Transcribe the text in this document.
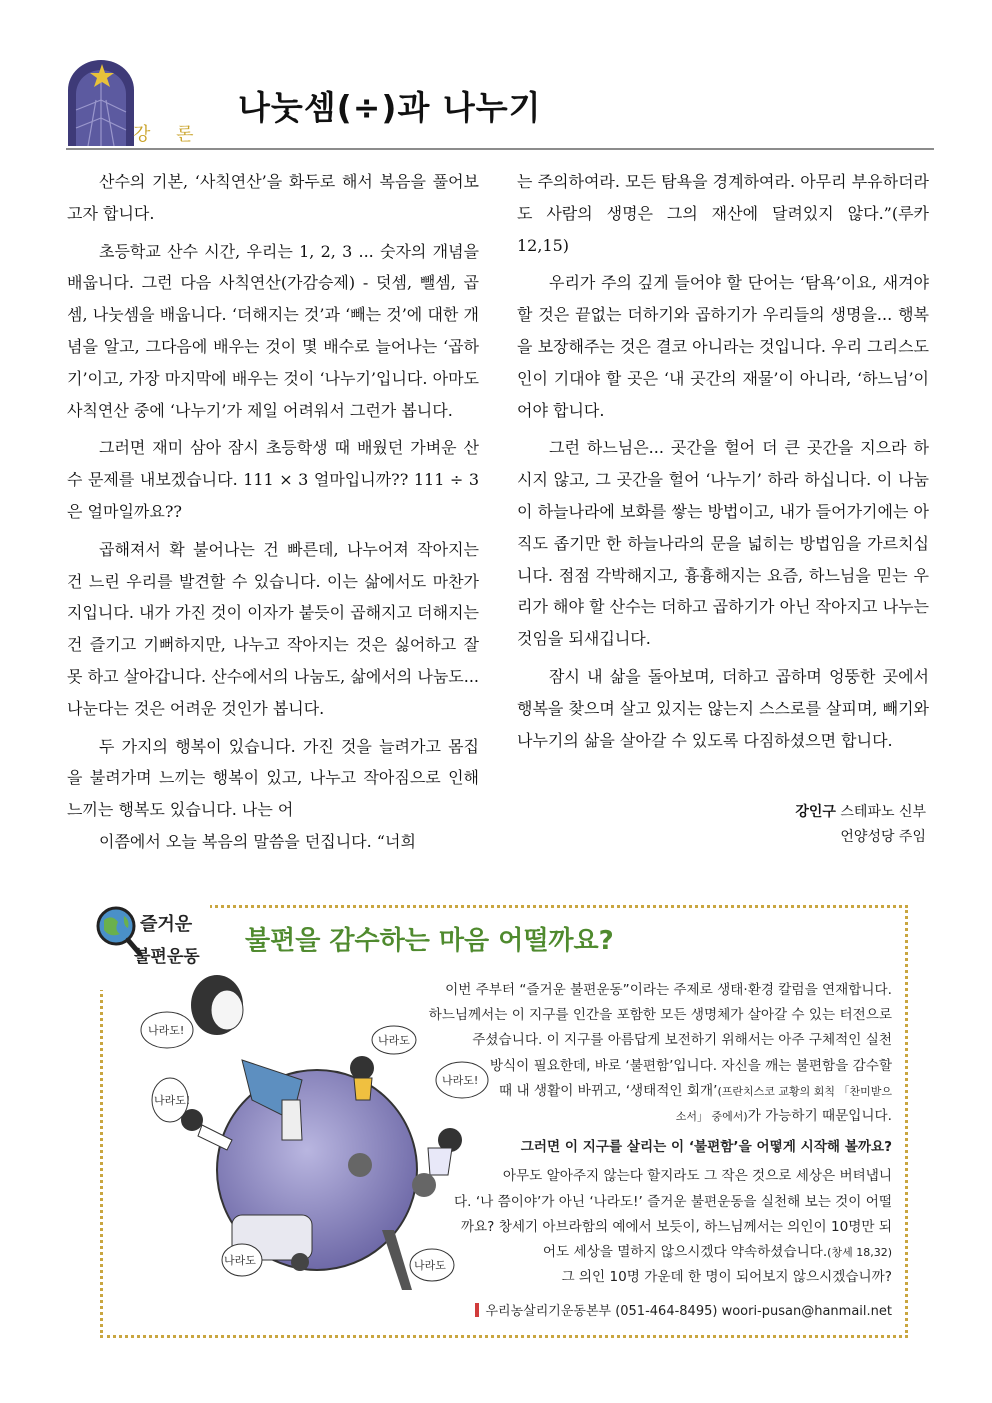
강 론
나눗셈(÷)과 나누기

산수의 기본, ‘사칙연산’을 화두로 해서 복음을 풀어보고자 합니다.

초등학교 산수 시간, 우리는 1, 2, 3 ... 숫자의 개념을 배웁니다. 그런 다음 사칙연산(가감승제) - 덧셈, 뺄셈, 곱셈, 나눗셈을 배웁니다. ‘더해지는 것’과 ‘빼는 것’에 대한 개념을 알고, 그다음에 배우는 것이 몇 배수로 늘어나는 ‘곱하기’이고, 가장 마지막에 배우는 것이 ‘나누기’입니다. 아마도 사칙연산 중에 ‘나누기’가 제일 어려워서 그런가 봅니다.

그러면 재미 삼아 잠시 초등학생 때 배웠던 가벼운 산수 문제를 내보겠습니다. 111 × 3 얼마입니까?? 111 ÷ 3 은 얼마일까요??

곱해져서 확 불어나는 건 빠른데, 나누어져 작아지는 건 느린 우리를 발견할 수 있습니다. 이는 삶에서도 마찬가지입니다. 내가 가진 것이 이자가 붙듯이 곱해지고 더해지는 건 즐기고 기뻐하지만, 나누고 작아지는 것은 싫어하고 잘 못 하고 살아갑니다. 산수에서의 나눔도, 삶에서의 나눔도... 나눈다는 것은 어려운 것인가 봅니다.

두 가지의 행복이 있습니다. 가진 것을 늘려가고 몸집을 불려가며 느끼는 행복이 있고, 나누고 작아짐으로 인해 느끼는 행복도 있습니다. 나는 어

이쯤에서 오늘 복음의 말씀을 던집니다. “너희

는 주의하여라. 모든 탐욕을 경계하여라. 아무리 부유하더라도 사람의 생명은 그의 재산에 달려있지 않다.”(루카 12,15)

우리가 주의 깊게 들어야 할 단어는 ‘탐욕’이요, 새겨야 할 것은 끝없는 더하기와 곱하기가 우리들의 생명을... 행복을 보장해주는 것은 결코 아니라는 것입니다. 우리 그리스도인이 기대야 할 곳은 ‘내 곳간의 재물’이 아니라, ‘하느님’이어야 합니다.

그런 하느님은... 곳간을 헐어 더 큰 곳간을 지으라 하시지 않고, 그 곳간을 헐어 ‘나누기’ 하라 하십니다. 이 나눔이 하늘나라에 보화를 쌓는 방법이고, 내가 들어가기에는 아직도 좁기만 한 하늘나라의 문을 넓히는 방법임을 가르치십니다. 점점 각박해지고, 흉흉해지는 요즘, 하느님을 믿는 우리가 해야 할 산수는 더하고 곱하기가 아닌 작아지고 나누는 것임을 되새깁니다.

잠시 내 삶을 돌아보며, 더하고 곱하며 엉뚱한 곳에서 행복을 찾으며 살고 있지는 않는지 스스로를 살피며, 빼기와 나누기의 삶을 살아갈 수 있도록 다짐하셨으면 합니다.

강인구 스테파노 신부
언양성당 주임
즐거운
불편운동
불편을 감수하는 마음 어떨까요?
나라도!
나라도
나라도!
나라도!
나라도	나라도
이번 주부터 “즐거운 불편운동”이라는 주제로 생태·환경 칼럼을 연재합니다.
하느님께서는 이 지구를 인간을 포함한 모든 생명체가 살아갈 수 있는 터전으로
주셨습니다. 이 지구를 아름답게 보전하기 위해서는 아주 구체적인 실천
방식이 필요한데, 바로 ‘불편함’입니다. 자신을 깨는 불편함을 감수할
때 내 생활이 바뀌고, ‘생태적인 회개’(프란치스코 교황의 회칙 「찬미받으
소서」 중에서)가 가능하기 때문입니다.
그러면 이 지구를 살리는 이 ‘불편함’을 어떻게 시작해 볼까요?
아무도 알아주지 않는다 할지라도 그 작은 것으로 세상은 버텨냅니
다. ‘나 쯤이야’가 아닌 ‘나라도!’ 즐거운 불편운동을 실천해 보는 것이 어떨
까요? 창세기 아브라함의 예에서 보듯이, 하느님께서는 의인이 10명만 되
어도 세상을 멸하지 않으시겠다 약속하셨습니다.(창세 18,32)
그 의인 10명 가운데 한 명이 되어보지 않으시겠습니까?
우리농살리기운동본부 (051-464-8495) woori-pusan@hanmail.net
